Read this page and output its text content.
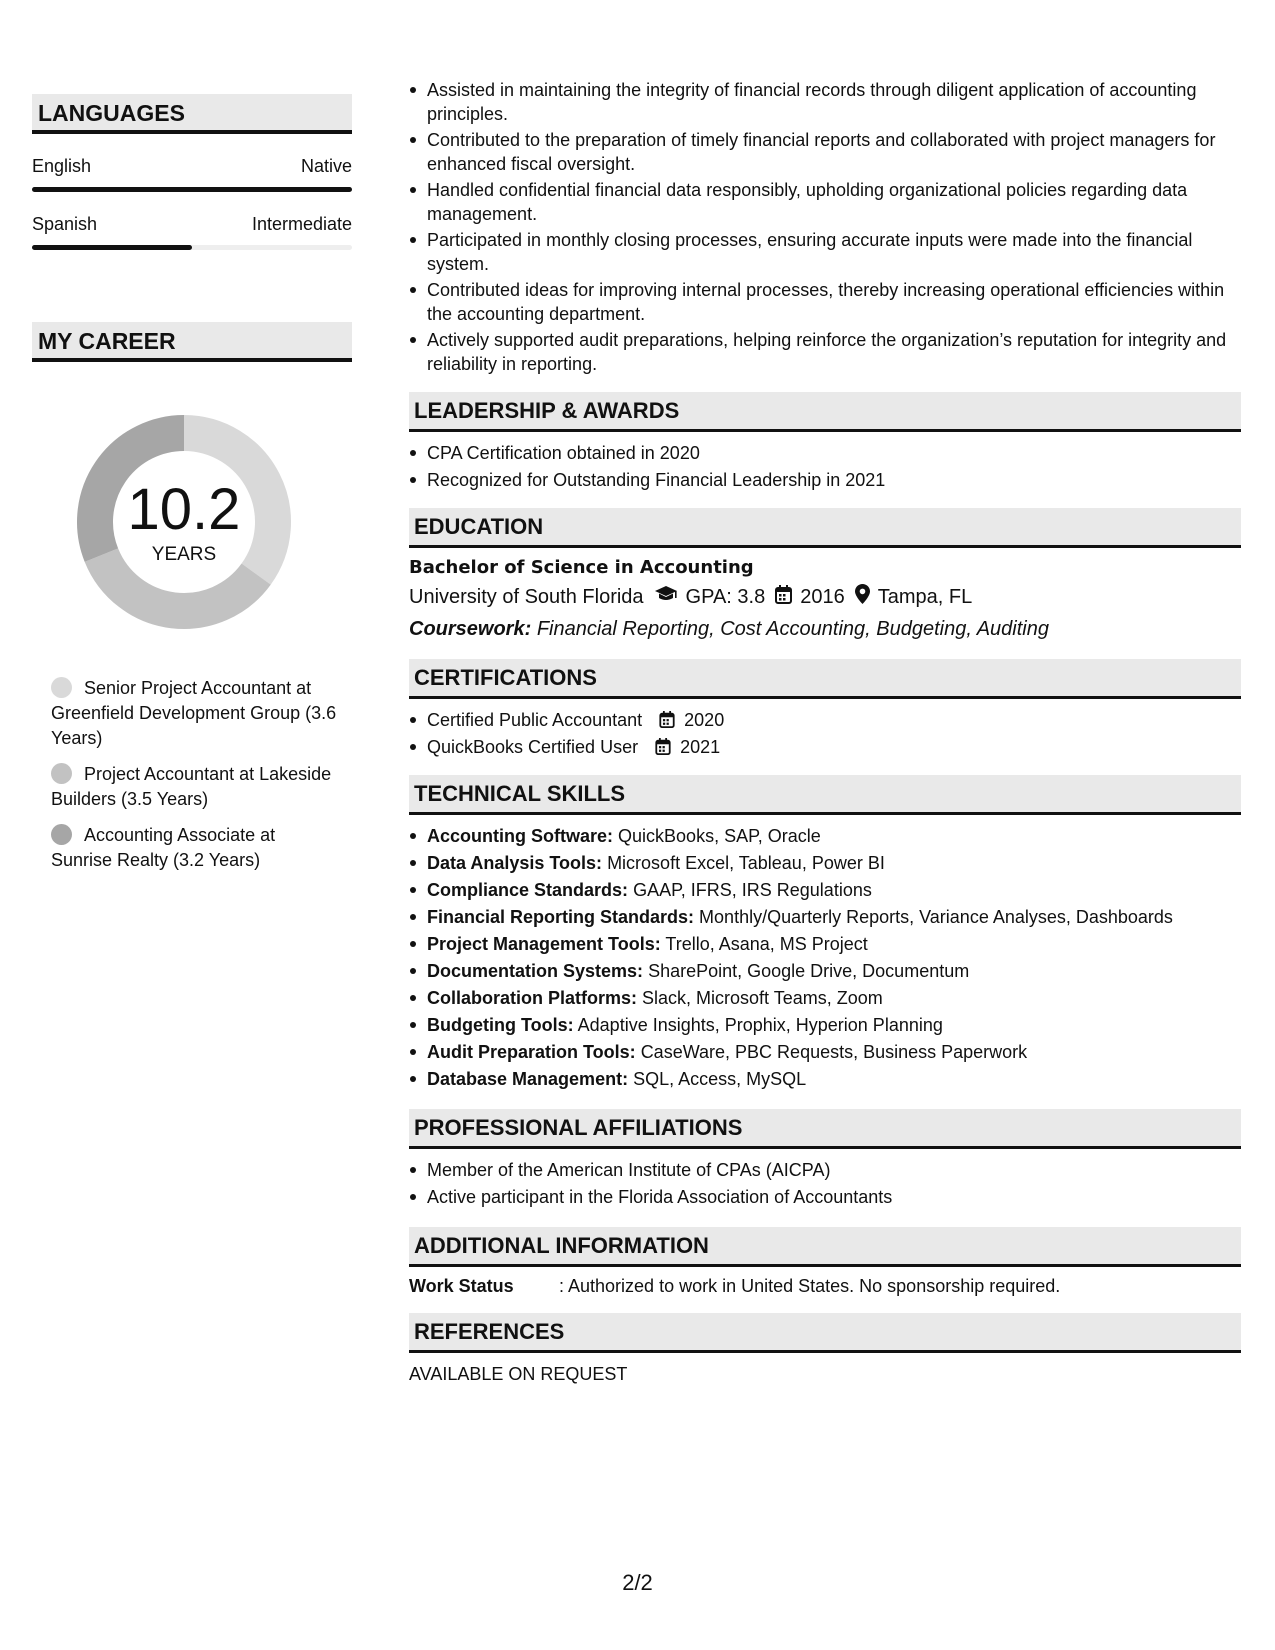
LANGUAGES
English	Native
Spanish	Intermediate
MY CAREER
10.2
YEARS
Senior Project Accountant at Greenfield Development Group (3.6 Years)
Project Accountant at Lakeside Builders (3.5 Years)
Accounting Associate at Sunrise Realty (3.2 Years)
Assisted in maintaining the integrity of financial records through diligent application of accounting principles.
Contributed to the preparation of timely financial reports and collaborated with project managers for enhanced fiscal oversight.
Handled confidential financial data responsibly, upholding organizational policies regarding data management.
Participated in monthly closing processes, ensuring accurate inputs were made into the financial system.
Contributed ideas for improving internal processes, thereby increasing operational efficiencies within the accounting department.
Actively supported audit preparations, helping reinforce the organization’s reputation for integrity and reliability in reporting.
LEADERSHIP & AWARDS
CPA Certification obtained in 2020
Recognized for Outstanding Financial Leadership in 2021
EDUCATION
Bachelor of Science in Accounting
University of South Florida GPA: 3.8 2016 Tampa, FL
Coursework: Financial Reporting, Cost Accounting, Budgeting, Auditing
CERTIFICATIONS
Certified Public Accountant 2020
QuickBooks Certified User 2021
TECHNICAL SKILLS
Accounting Software: QuickBooks, SAP, Oracle
Data Analysis Tools: Microsoft Excel, Tableau, Power BI
Compliance Standards: GAAP, IFRS, IRS Regulations
Financial Reporting Standards: Monthly/Quarterly Reports, Variance Analyses, Dashboards
Project Management Tools: Trello, Asana, MS Project
Documentation Systems: SharePoint, Google Drive, Documentum
Collaboration Platforms: Slack, Microsoft Teams, Zoom
Budgeting Tools: Adaptive Insights, Prophix, Hyperion Planning
Audit Preparation Tools: CaseWare, PBC Requests, Business Paperwork
Database Management: SQL, Access, MySQL
PROFESSIONAL AFFILIATIONS
Member of the American Institute of CPAs (AICPA)
Active participant in the Florida Association of Accountants
ADDITIONAL INFORMATION
Work Status	: Authorized to work in United States. No sponsorship required.
REFERENCES
AVAILABLE ON REQUEST
2/2
